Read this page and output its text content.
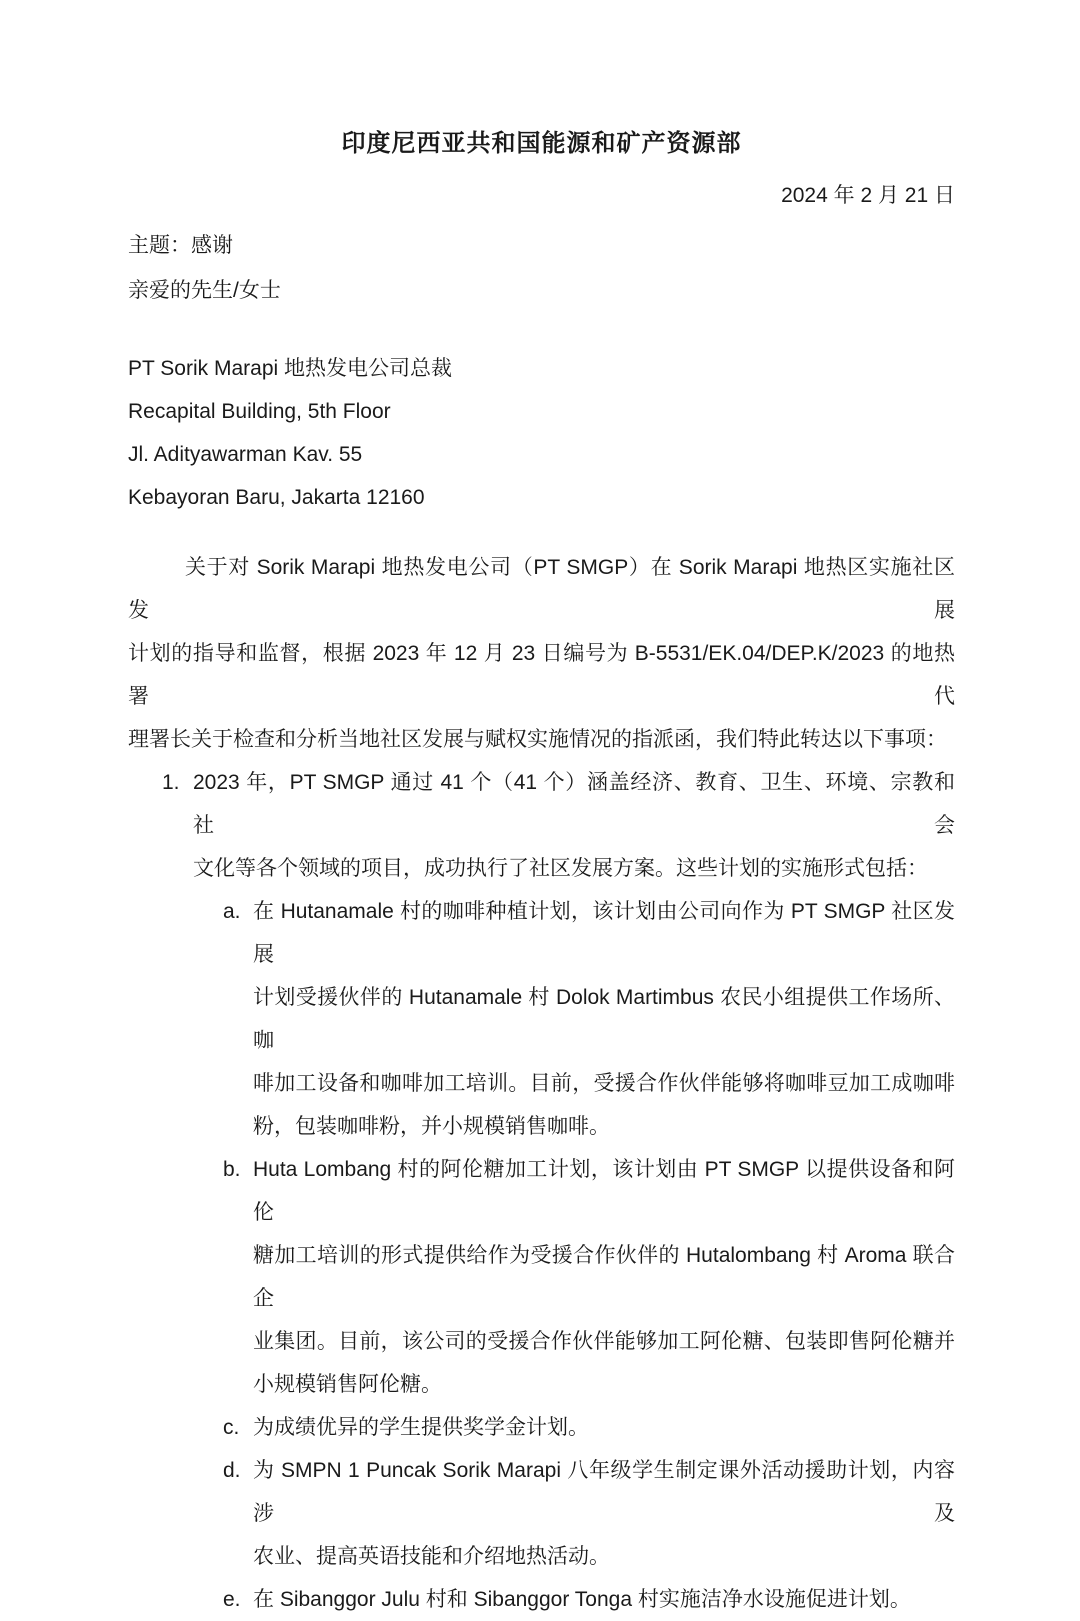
印度尼西亚共和国能源和矿产资源部
2024 年 2 月 21 日
主题：感谢
亲爱的先生/女士
PT Sorik Marapi 地热发电公司总裁
Recapital Building, 5th Floor
Jl. Adityawarman Kav. 55
Kebayoran Baru, Jakarta 12160
关于对 Sorik Marapi 地热发电公司（PT SMGP）在 Sorik Marapi 地热区实施社区发展
计划的指导和监督，根据 2023 年 12 月 23 日编号为 B-5531/EK.04/DEP.K/2023 的地热署代
理署长关于检查和分析当地社区发展与赋权实施情况的指派函，我们特此转达以下事项：
1. 2023 年，PT SMGP 通过 41 个（41 个）涵盖经济、教育、卫生、环境、宗教和社会
文化等各个领域的项目，成功执行了社区发展方案。这些计划的实施形式包括：
a. 在 Hutanamale 村的咖啡种植计划，该计划由公司向作为 PT SMGP 社区发展
计划受援伙伴的 Hutanamale 村 Dolok Martimbus 农民小组提供工作场所、咖
啡加工设备和咖啡加工培训。目前，受援合作伙伴能够将咖啡豆加工成咖啡
粉，包装咖啡粉，并小规模销售咖啡。
b. Huta Lombang 村的阿伦糖加工计划，该计划由 PT SMGP 以提供设备和阿伦
糖加工培训的形式提供给作为受援合作伙伴的 Hutalombang 村 Aroma 联合企
业集团。目前，该公司的受援合作伙伴能够加工阿伦糖、包装即售阿伦糖并
小规模销售阿伦糖。
c. 为成绩优异的学生提供奖学金计划。
d. 为 SMPN 1 Puncak Sorik Marapi 八年级学生制定课外活动援助计划，内容涉及
农业、提高英语技能和介绍地热活动。
e. 在 Sibanggor Julu 村和 Sibanggor Tonga 村实施洁净水设施促进计划。
